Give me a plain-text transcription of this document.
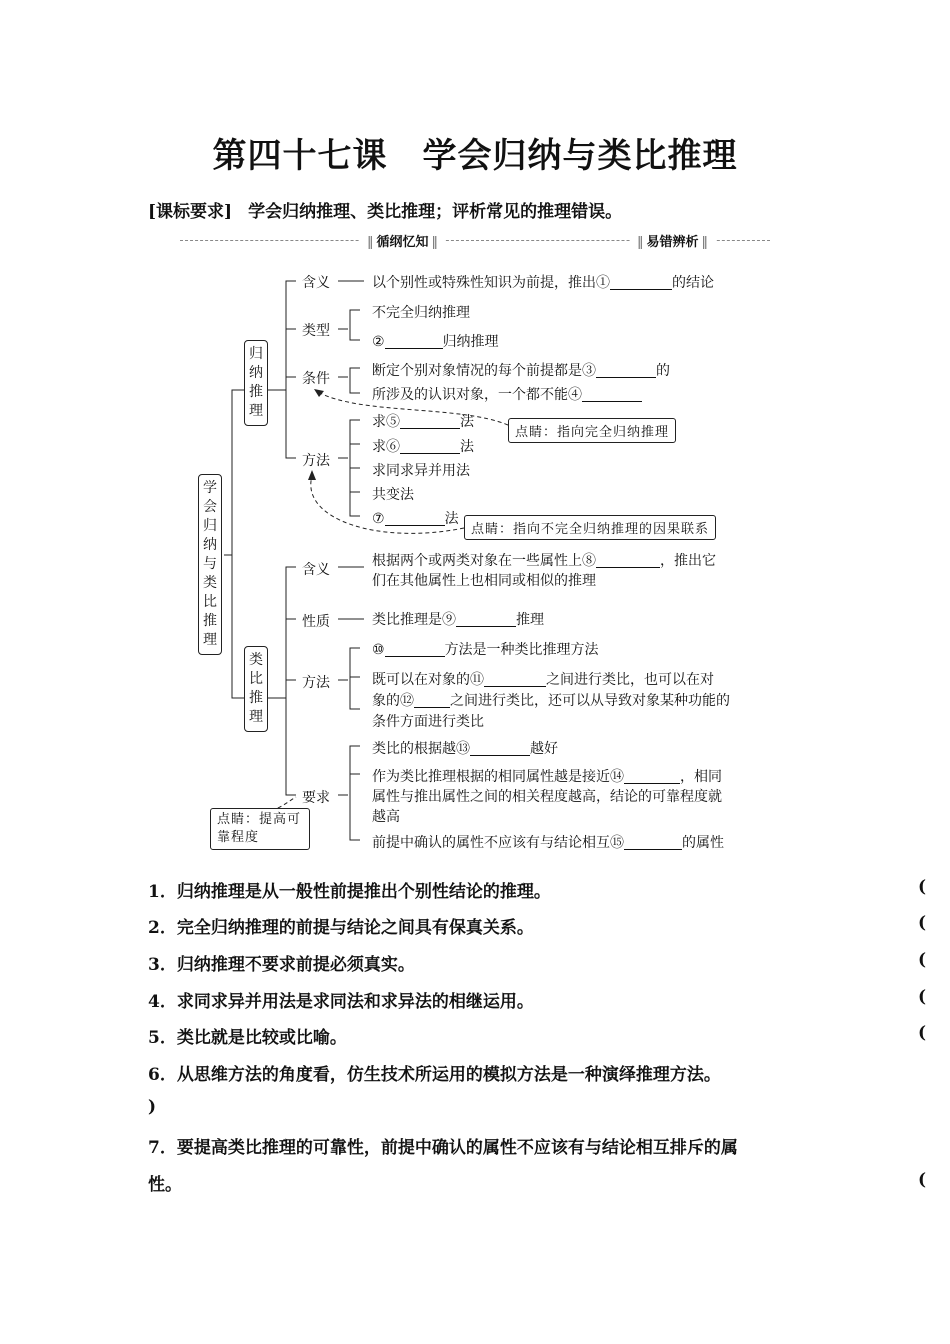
第四十七课　学会归纳与类比推理
[课标要求] 学会归纳推理、类比推理；评析常见的推理错误。
‖ 循纲忆知 ‖
‖	易错辨析 ‖
学会归纳与类比推理
归纳推理
含义	以个别性或特殊性知识为前提，推出①	的结论
类型
不完全归纳推理
②	归纳推理
条件	断定个别对象情况的每个前提都是③	的
所涉及的认识对象，一个都不能④
方法
求⑤	法
求⑥	法
求同求异并用法
共变法
⑦	法
点睛：指向完全归纳推理
点睛：指向不完全归纳推理的因果联系
类比推理
含义
根据两个或两类对象在一些属性上⑧	，推出它
们在其他属性上也相同或相似的推理
性质	类比推理是⑨	推理
方法
⑩	方法是一种类比推理方法
既可以在对象的⑪	之间进行类比，也可以在对
象的⑫	之间进行类比，还可以从导致对象某种功能的
条件方面进行类比
要求
类比的根据越⑬	越好
作为类比推理根据的相同属性越是接近⑭	，相同
属性与推出属性之间的相关程度越高，结论的可靠程度就
越高
前提中确认的属性不应该有与结论相互⑮	的属性
点睛：提高可靠程度
1．归纳推理是从一般性前提推出个别性结论的推理。	(
2．完全归纳推理的前提与结论之间具有保真关系。	(
3．归纳推理不要求前提必须真实。	(
4．求同求异并用法是求同法和求异法的相继运用。	(
5．类比就是比较或比喻。	(
6．从思维方法的角度看，仿生技术所运用的模拟方法是一种演绎推理方法。
)
7．要提高类比推理的可靠性，前提中确认的属性不应该有与结论相互排斥的属
性。	(
